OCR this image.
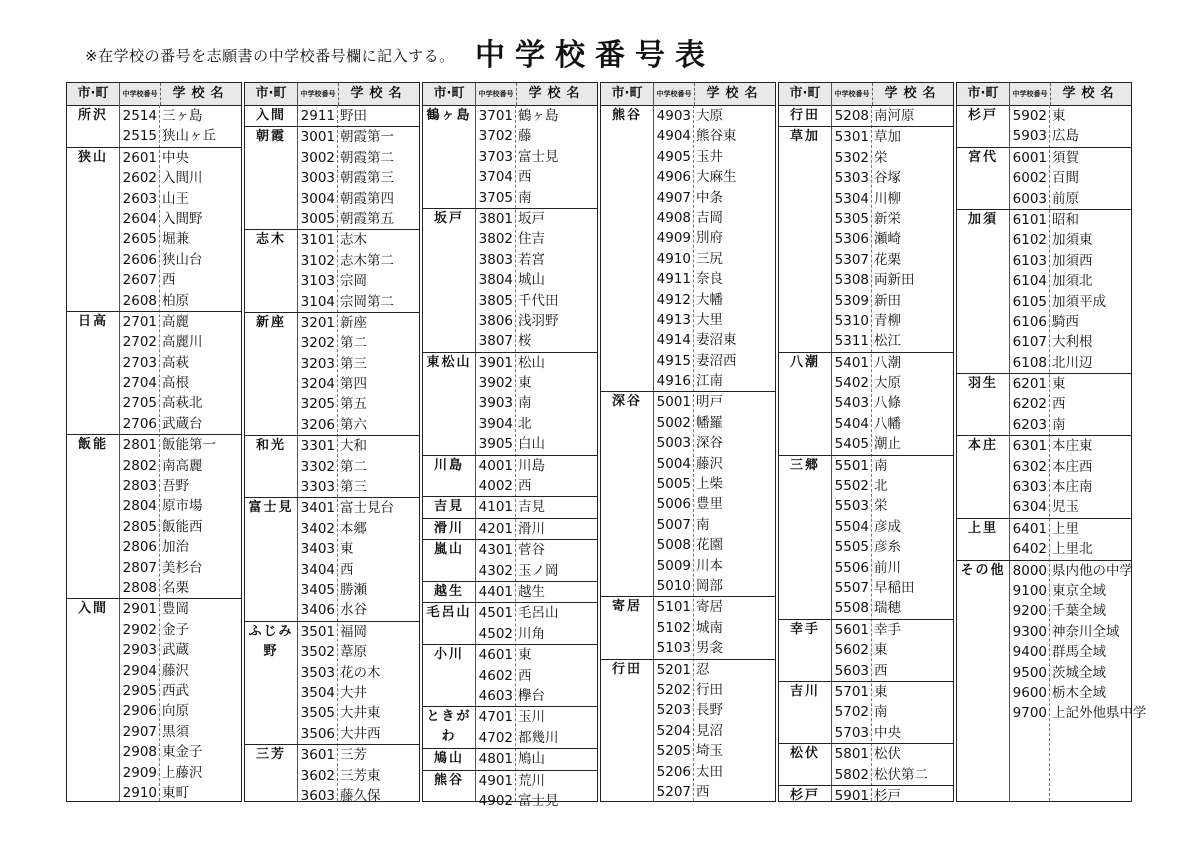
※在学校の番号を志願書の中学校番号欄に記入する。 中学校番号表
市·町	中学校番号	学校名
所沢	2514 三ヶ島
2515 狭山ヶ丘
狭山	2601 中央
2602 入間川
2603 山王
2604 入間野
2605 堀兼
2606 狭山台
2607 西
2608 柏原
日高	2701 高麗
2702 高麗川
2703 高萩
2704 高根
2705 高萩北
2706 武蔵台
飯能	2801 飯能第一
2802 南高麗
2803 吾野
2804 原市場
2805 飯能西
2806 加治
2807 美杉台
2808 名栗
入間	2901 豊岡
2902 金子
2903 武蔵
2904 藤沢
2905 西武
2906 向原
2907 黒須
2908 東金子
2909 上藤沢
2910 東町
市·町	中学校番号	学校名
入間	2911 野田
朝霞	3001 朝霞第一
3002 朝霞第二
3003 朝霞第三
3004 朝霞第四
3005 朝霞第五
志木	3101 志木
3102 志木第二
3103 宗岡
3104 宗岡第二
新座	3201 新座
3202 第二
3203 第三
3204 第四
3205 第五
3206 第六
和光	3301 大和
3302 第二
3303 第三
富士見 3401 富士見台
3402 本郷
3403 東
3404 西
3405 勝瀬
3406 水谷
ふじみ野
3501 福岡
3502 葦原
3503 花の木
3504 大井
3505 大井東
3506 大井西
三芳	3601 三芳
3602 三芳東
3603 藤久保
市·町	中学校番号	学校名
鶴ヶ島 3701 鶴ヶ島
3702 藤
3703 富士見
3704 西
3705 南
坂戸	3801 坂戸
3802 住吉
3803 若宮
3804 城山
3805 千代田
3806 浅羽野
3807 桜
東松山 3901 松山
3902 東
3903 南
3904 北
3905 白山
川島	4001 川島
4002 西
吉見	4101 吉見
滑川	4201 滑川
嵐山	4301 菅谷
4302 玉ノ岡
越生	4401 越生
毛呂山 4501 毛呂山
4502 川角
小川	4601 東
4602 西
4603 欅台
ときがわ
4701 玉川
4702 都幾川
鳩山	4801 鳩山
熊谷	4901 荒川
4902 富士見
市·町	中学校番号	学校名
熊谷	4903 大原
4904 熊谷東
4905 玉井
4906 大麻生
4907 中条
4908 吉岡
4909 別府
4910 三尻
4911 奈良
4912 大幡
4913 大里
4914 妻沼東
4915 妻沼西
4916 江南
深谷	5001 明戸
5002 幡羅
5003 深谷
5004 藤沢
5005 上柴
5006 豊里
5007 南
5008 花園
5009 川本
5010 岡部
寄居	5101 寄居
5102 城南
5103 男衾
行田	5201 忍
5202 行田
5203 長野
5204 見沼
5205 埼玉
5206 太田
5207 西
市·町	中学校番号	学校名
行田	5208 南河原
草加	5301 草加
5302 栄
5303 谷塚
5304 川柳
5305 新栄
5306 瀬崎
5307 花栗
5308 両新田
5309 新田
5310 青柳
5311 松江
八潮	5401 八潮
5402 大原
5403 八條
5404 八幡
5405 潮止
三郷	5501 南
5502 北
5503 栄
5504 彦成
5505 彦糸
5506 前川
5507 早稲田
5508 瑞穂
幸手	5601 幸手
5602 東
5603 西
吉川	5701 東
5702 南
5703 中央
松伏	5801 松伏
5802 松伏第二
杉戸	5901 杉戸
市·町	中学校番号	学校名
杉戸	5902 東
5903 広島
宮代	6001 須賀
6002 百間
6003 前原
加須	6101 昭和
6102 加須東
6103 加須西
6104 加須北
6105 加須平成
6106 騎西
6107 大利根
6108 北川辺
羽生	6201 東
6202 西
6203 南
本庄	6301 本庄東
6302 本庄西
6303 本庄南
6304 児玉
上里	6401 上里
6402 上里北
その他 8000 県内他の中学
9100 東京全域
9200 千葉全域
9300 神奈川全域
9400 群馬全域
9500 茨城全域
9600 栃木全域
9700 上記外他県中学
